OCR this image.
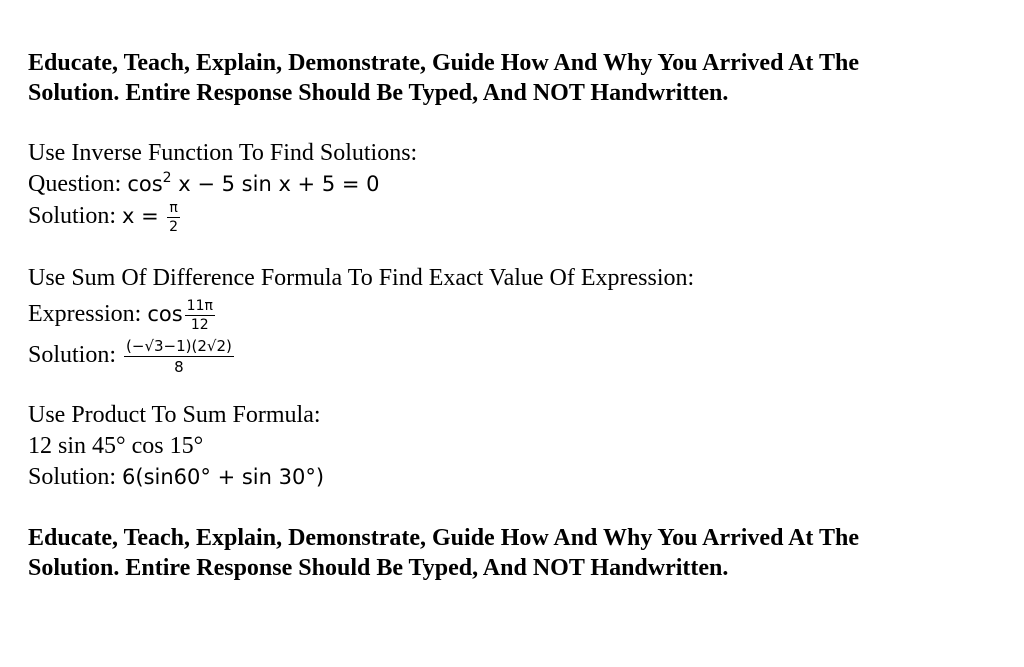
Educate, Teach, Explain, Demonstrate, Guide How And Why You Arrived At The
Solution. Entire Response Should Be Typed, And NOT Handwritten.
Use Inverse Function To Find Solutions:
Question: $\cos^2 x - 5$ sin x + 5 = 0
Solution: $x = \frac{\pi}{2}$
Use Sum Of Difference Formula To Find Exact Value Of Expression:
Expression: $\cos \frac{11\pi}{12}$
Solution: $\frac{(-√3-1)(2√2)}{8}$
Use Product To Sum Formula:
12 sin 45° cos 15°
Solution: 6(sin60° + sin 30°)
Educate, Teach, Explain, Demonstrate, Guide How And Why You Arrived At The
Solution. Entire Response Should Be Typed, And NOT Handwritten.
